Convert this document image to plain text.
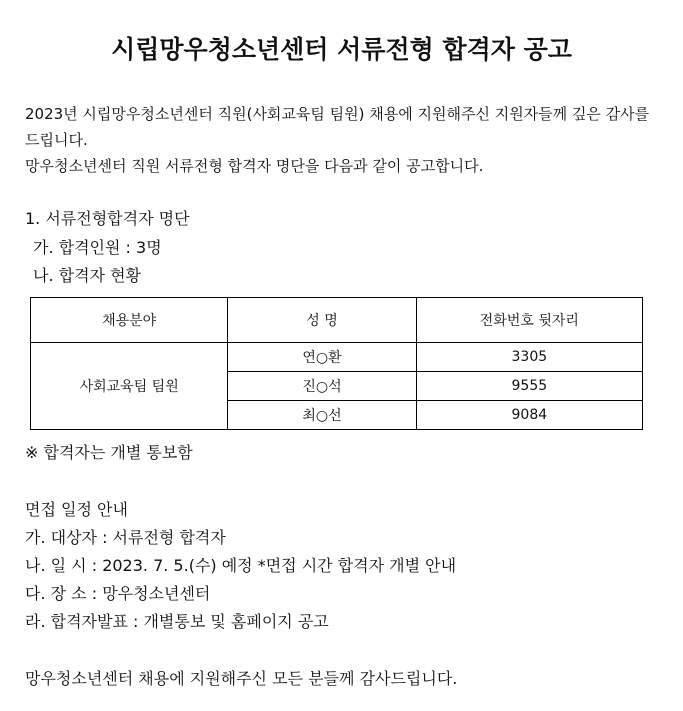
시립망우청소년센터 서류전형 합격자 공고
2023년 시립망우청소년센터 직원(사회교육팀 팀원) 채용에 지원해주신 지원자들께 깊은 감사를 드립니다.
망우청소년센터 직원 서류전형 합격자 명단을 다음과 같이 공고합니다.
1. 서류전형합격자 명단
가. 합격인원 : 3명
나. 합격자 현황
채용분야	성 명	전화번호 뒷자리
사회교육팀 팀원	연○환	3305
	진○석	9555
	최○선	9084
※ 합격자는 개별 통보함
면접 일정 안내
가. 대상자 : 서류전형 합격자
나. 일 시 : 2023. 7. 5.(수) 예정 *면접 시간 합격자 개별 안내
다. 장 소 : 망우청소년센터
라. 합격자발표 : 개별통보 및 홈페이지 공고
망우청소년센터 채용에 지원해주신 모든 분들께 감사드립니다.
